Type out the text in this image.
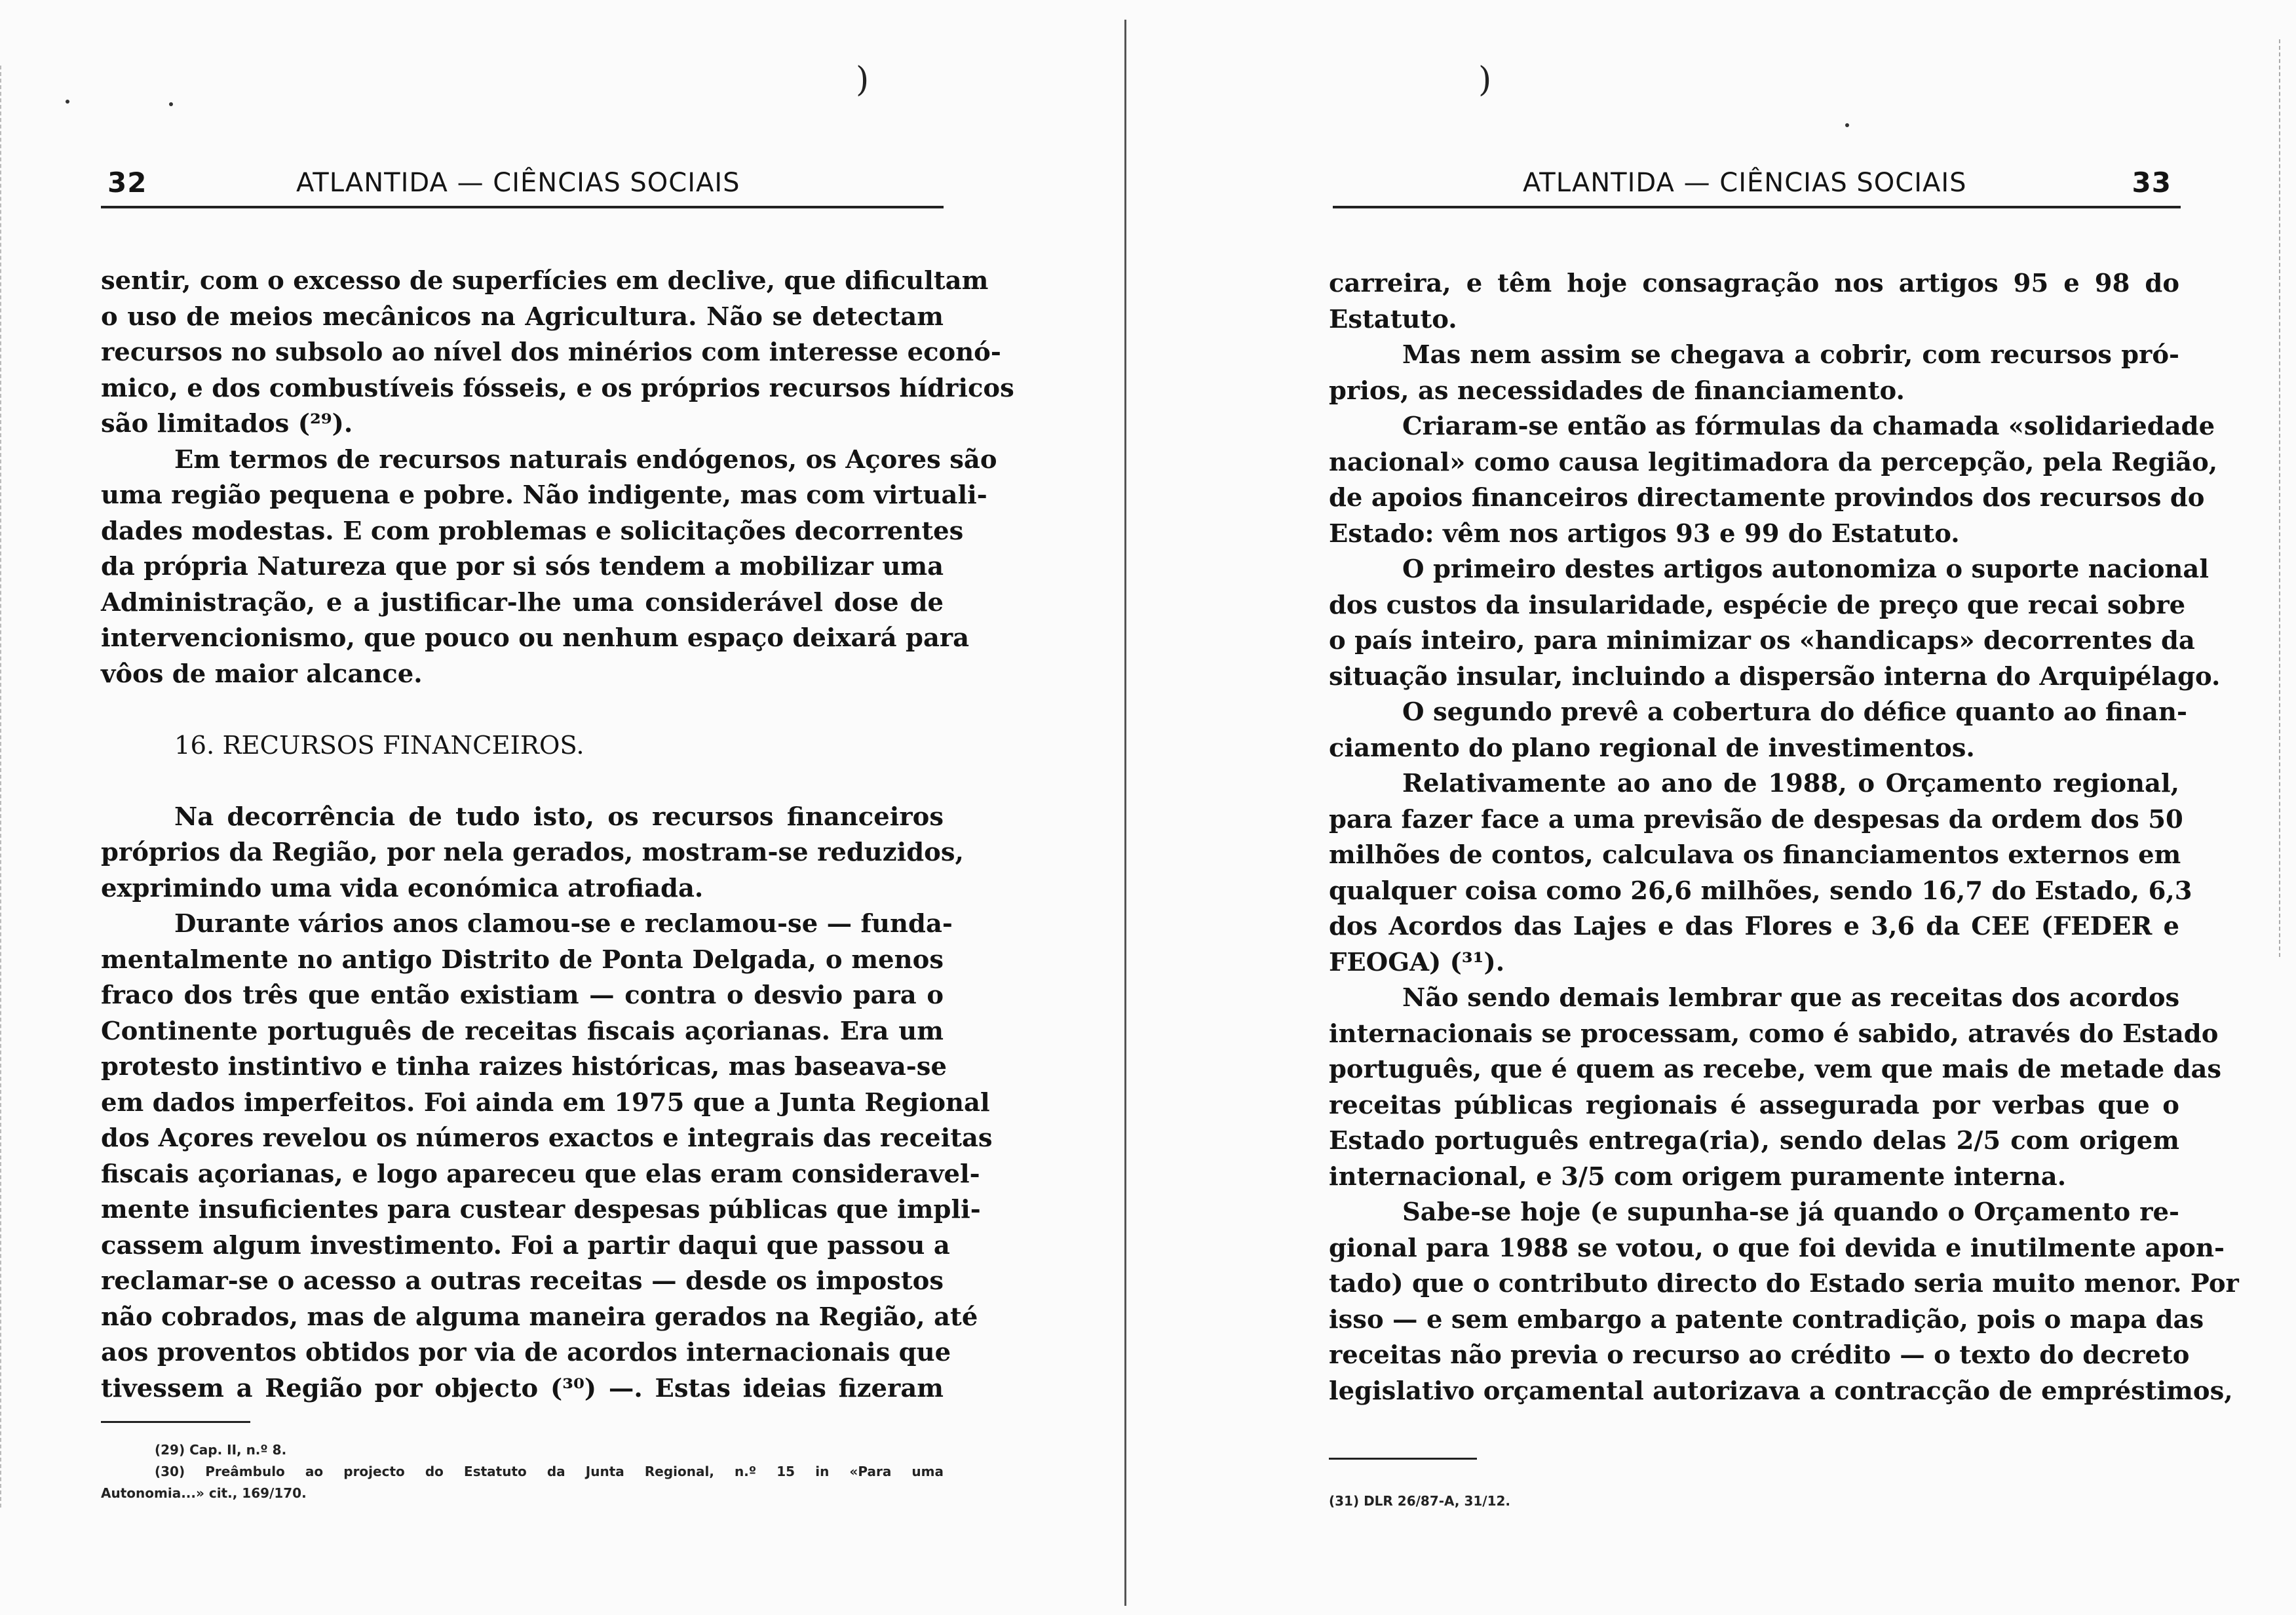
)
32	ATLANTIDA — CIÊNCIAS SOCIAIS
sentir, com o excesso de superfícies em declive, que dificultam
o uso de meios mecânicos na Agricultura. Não se detectam
recursos no subsolo ao nível dos minérios com interesse econó-
mico, e dos combustíveis fósseis, e os próprios recursos hídricos
são limitados (²⁹).
Em termos de recursos naturais endógenos, os Açores são
uma região pequena e pobre. Não indigente, mas com virtuali-
dades modestas. E com problemas e solicitações decorrentes
da própria Natureza que por si sós tendem a mobilizar uma
Administração, e a justificar-lhe uma considerável dose de
intervencionismo, que pouco ou nenhum espaço deixará para
vôos de maior alcance.
16. RECURSOS FINANCEIROS.
Na decorrência de tudo isto, os recursos financeiros
próprios da Região, por nela gerados, mostram-se reduzidos,
exprimindo uma vida económica atrofiada.
Durante vários anos clamou-se e reclamou-se — funda-
mentalmente no antigo Distrito de Ponta Delgada, o menos
fraco dos três que então existiam — contra o desvio para o
Continente português de receitas fiscais açorianas. Era um
protesto instintivo e tinha raizes históricas, mas baseava-se
em dados imperfeitos. Foi ainda em 1975 que a Junta Regional
dos Açores revelou os números exactos e integrais das receitas
fiscais açorianas, e logo apareceu que elas eram consideravel-
mente insuficientes para custear despesas públicas que impli-
cassem algum investimento. Foi a partir daqui que passou a
reclamar-se o acesso a outras receitas — desde os impostos
não cobrados, mas de alguma maneira gerados na Região, até
aos proventos obtidos por via de acordos internacionais que
tivessem a Região por objecto (³⁰) —. Estas ideias fizeram
(29) Cap. II, n.º 8.
(30) Preâmbulo ao projecto do Estatuto da Junta Regional, n.º 15 in «Para uma
Autonomia...» cit., 169/170.
)
ATLANTIDA — CIÊNCIAS SOCIAIS	33
carreira, e têm hoje consagração nos artigos 95 e 98 do
Estatuto.
Mas nem assim se chegava a cobrir, com recursos pró-
prios, as necessidades de financiamento.
Criaram-se então as fórmulas da chamada «solidariedade
nacional» como causa legitimadora da percepção, pela Região,
de apoios financeiros directamente provindos dos recursos do
Estado: vêm nos artigos 93 e 99 do Estatuto.
O primeiro destes artigos autonomiza o suporte nacional
dos custos da insularidade, espécie de preço que recai sobre
o país inteiro, para minimizar os «handicaps» decorrentes da
situação insular, incluindo a dispersão interna do Arquipélago.
O segundo prevê a cobertura do défice quanto ao finan-
ciamento do plano regional de investimentos.
Relativamente ao ano de 1988, o Orçamento regional,
para fazer face a uma previsão de despesas da ordem dos 50
milhões de contos, calculava os financiamentos externos em
qualquer coisa como 26,6 milhões, sendo 16,7 do Estado, 6,3
dos Acordos das Lajes e das Flores e 3,6 da CEE (FEDER e
FEOGA) (³¹).
Não sendo demais lembrar que as receitas dos acordos
internacionais se processam, como é sabido, através do Estado
português, que é quem as recebe, vem que mais de metade das
receitas públicas regionais é assegurada por verbas que o
Estado português entrega(ria), sendo delas 2/5 com origem
internacional, e 3/5 com origem puramente interna.
Sabe-se hoje (e supunha-se já quando o Orçamento re-
gional para 1988 se votou, o que foi devida e inutilmente apon-
tado) que o contributo directo do Estado seria muito menor. Por
isso — e sem embargo a patente contradição, pois o mapa das
receitas não previa o recurso ao crédito — o texto do decreto
legislativo orçamental autorizava a contracção de empréstimos,
(31) DLR 26/87-A, 31/12.
